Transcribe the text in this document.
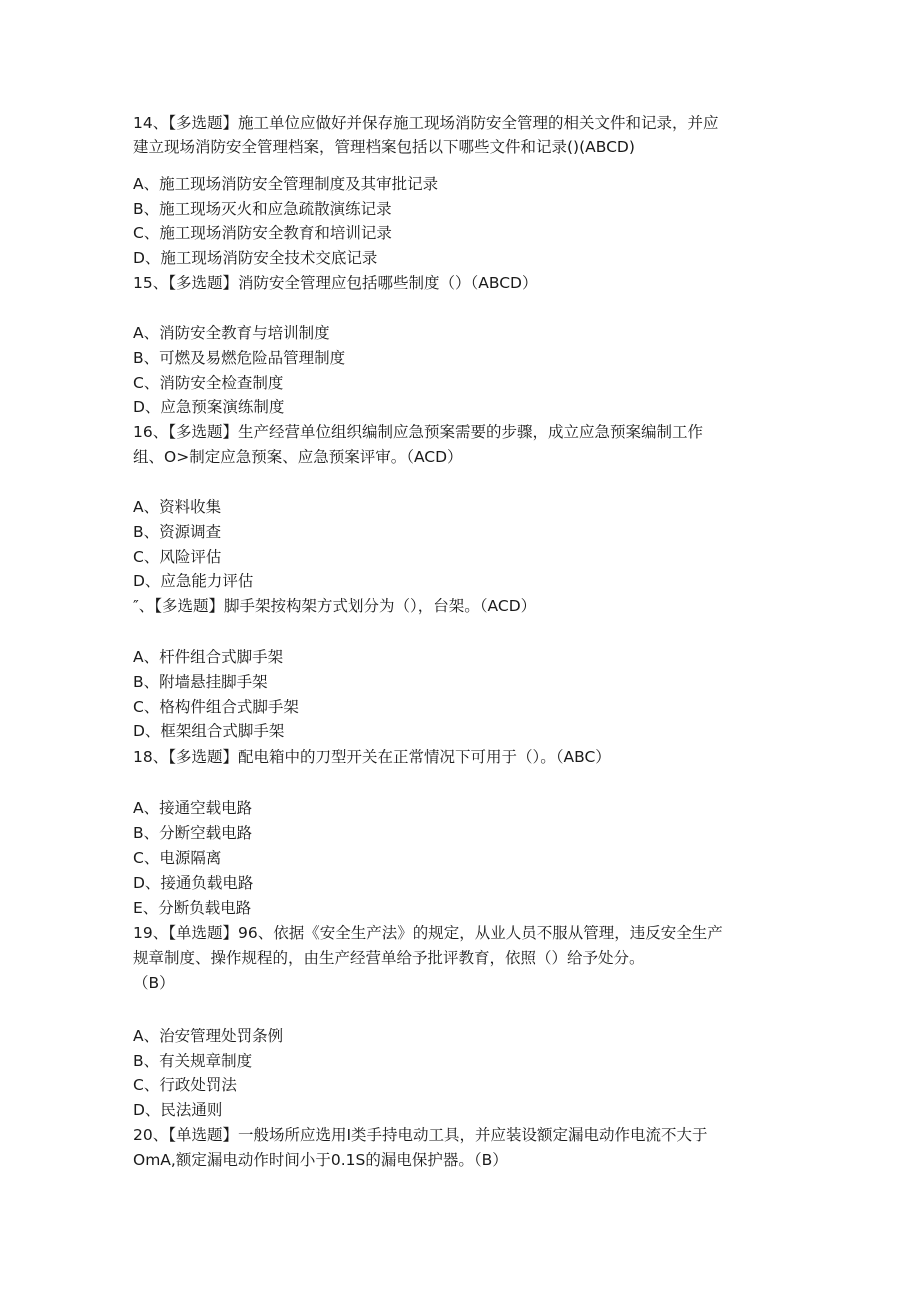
14、【多选题】施工单位应做好并保存施工现场消防安全管理的相关文件和记录，并应
建立现场消防安全管理档案，管理档案包括以下哪些文件和记录()(ABCD)
A、施工现场消防安全管理制度及其审批记录
B、施工现场灭火和应急疏散演练记录
C、施工现场消防安全教育和培训记录
D、施工现场消防安全技术交底记录
15、【多选题】消防安全管理应包括哪些制度（）（ABCD）
A、消防安全教育与培训制度
B、可燃及易燃危险品管理制度
C、消防安全检查制度
D、应急预案演练制度
16、【多选题】生产经营单位组织编制应急预案需要的步骤，成立应急预案编制工作
组、O>制定应急预案、应急预案评审。（ACD）
A、资料收集
B、资源调查
C、风险评估
D、应急能力评估
″、【多选题】脚手架按构架方式划分为（），台架。（ACD）
A、杆件组合式脚手架
B、附墙悬挂脚手架
C、格构件组合式脚手架
D、框架组合式脚手架
18、【多选题】配电箱中的刀型开关在正常情况下可用于（）。（ABC）
A、接通空载电路
B、分断空载电路
C、电源隔离
D、接通负载电路
E、分断负载电路
19、【单选题】96、依据《安全生产法》的规定，从业人员不服从管理，违反安全生产
规章制度、操作规程的，由生产经营单给予批评教育，依照（）给予处分。
（B）
A、治安管理处罚条例
B、有关规章制度
C、行政处罚法
D、民法通则
20、【单选题】一般场所应选用Ⅰ类手持电动工具，并应装设额定漏电动作电流不大于
OmA,额定漏电动作时间小于0.1S的漏电保护器。（B）
